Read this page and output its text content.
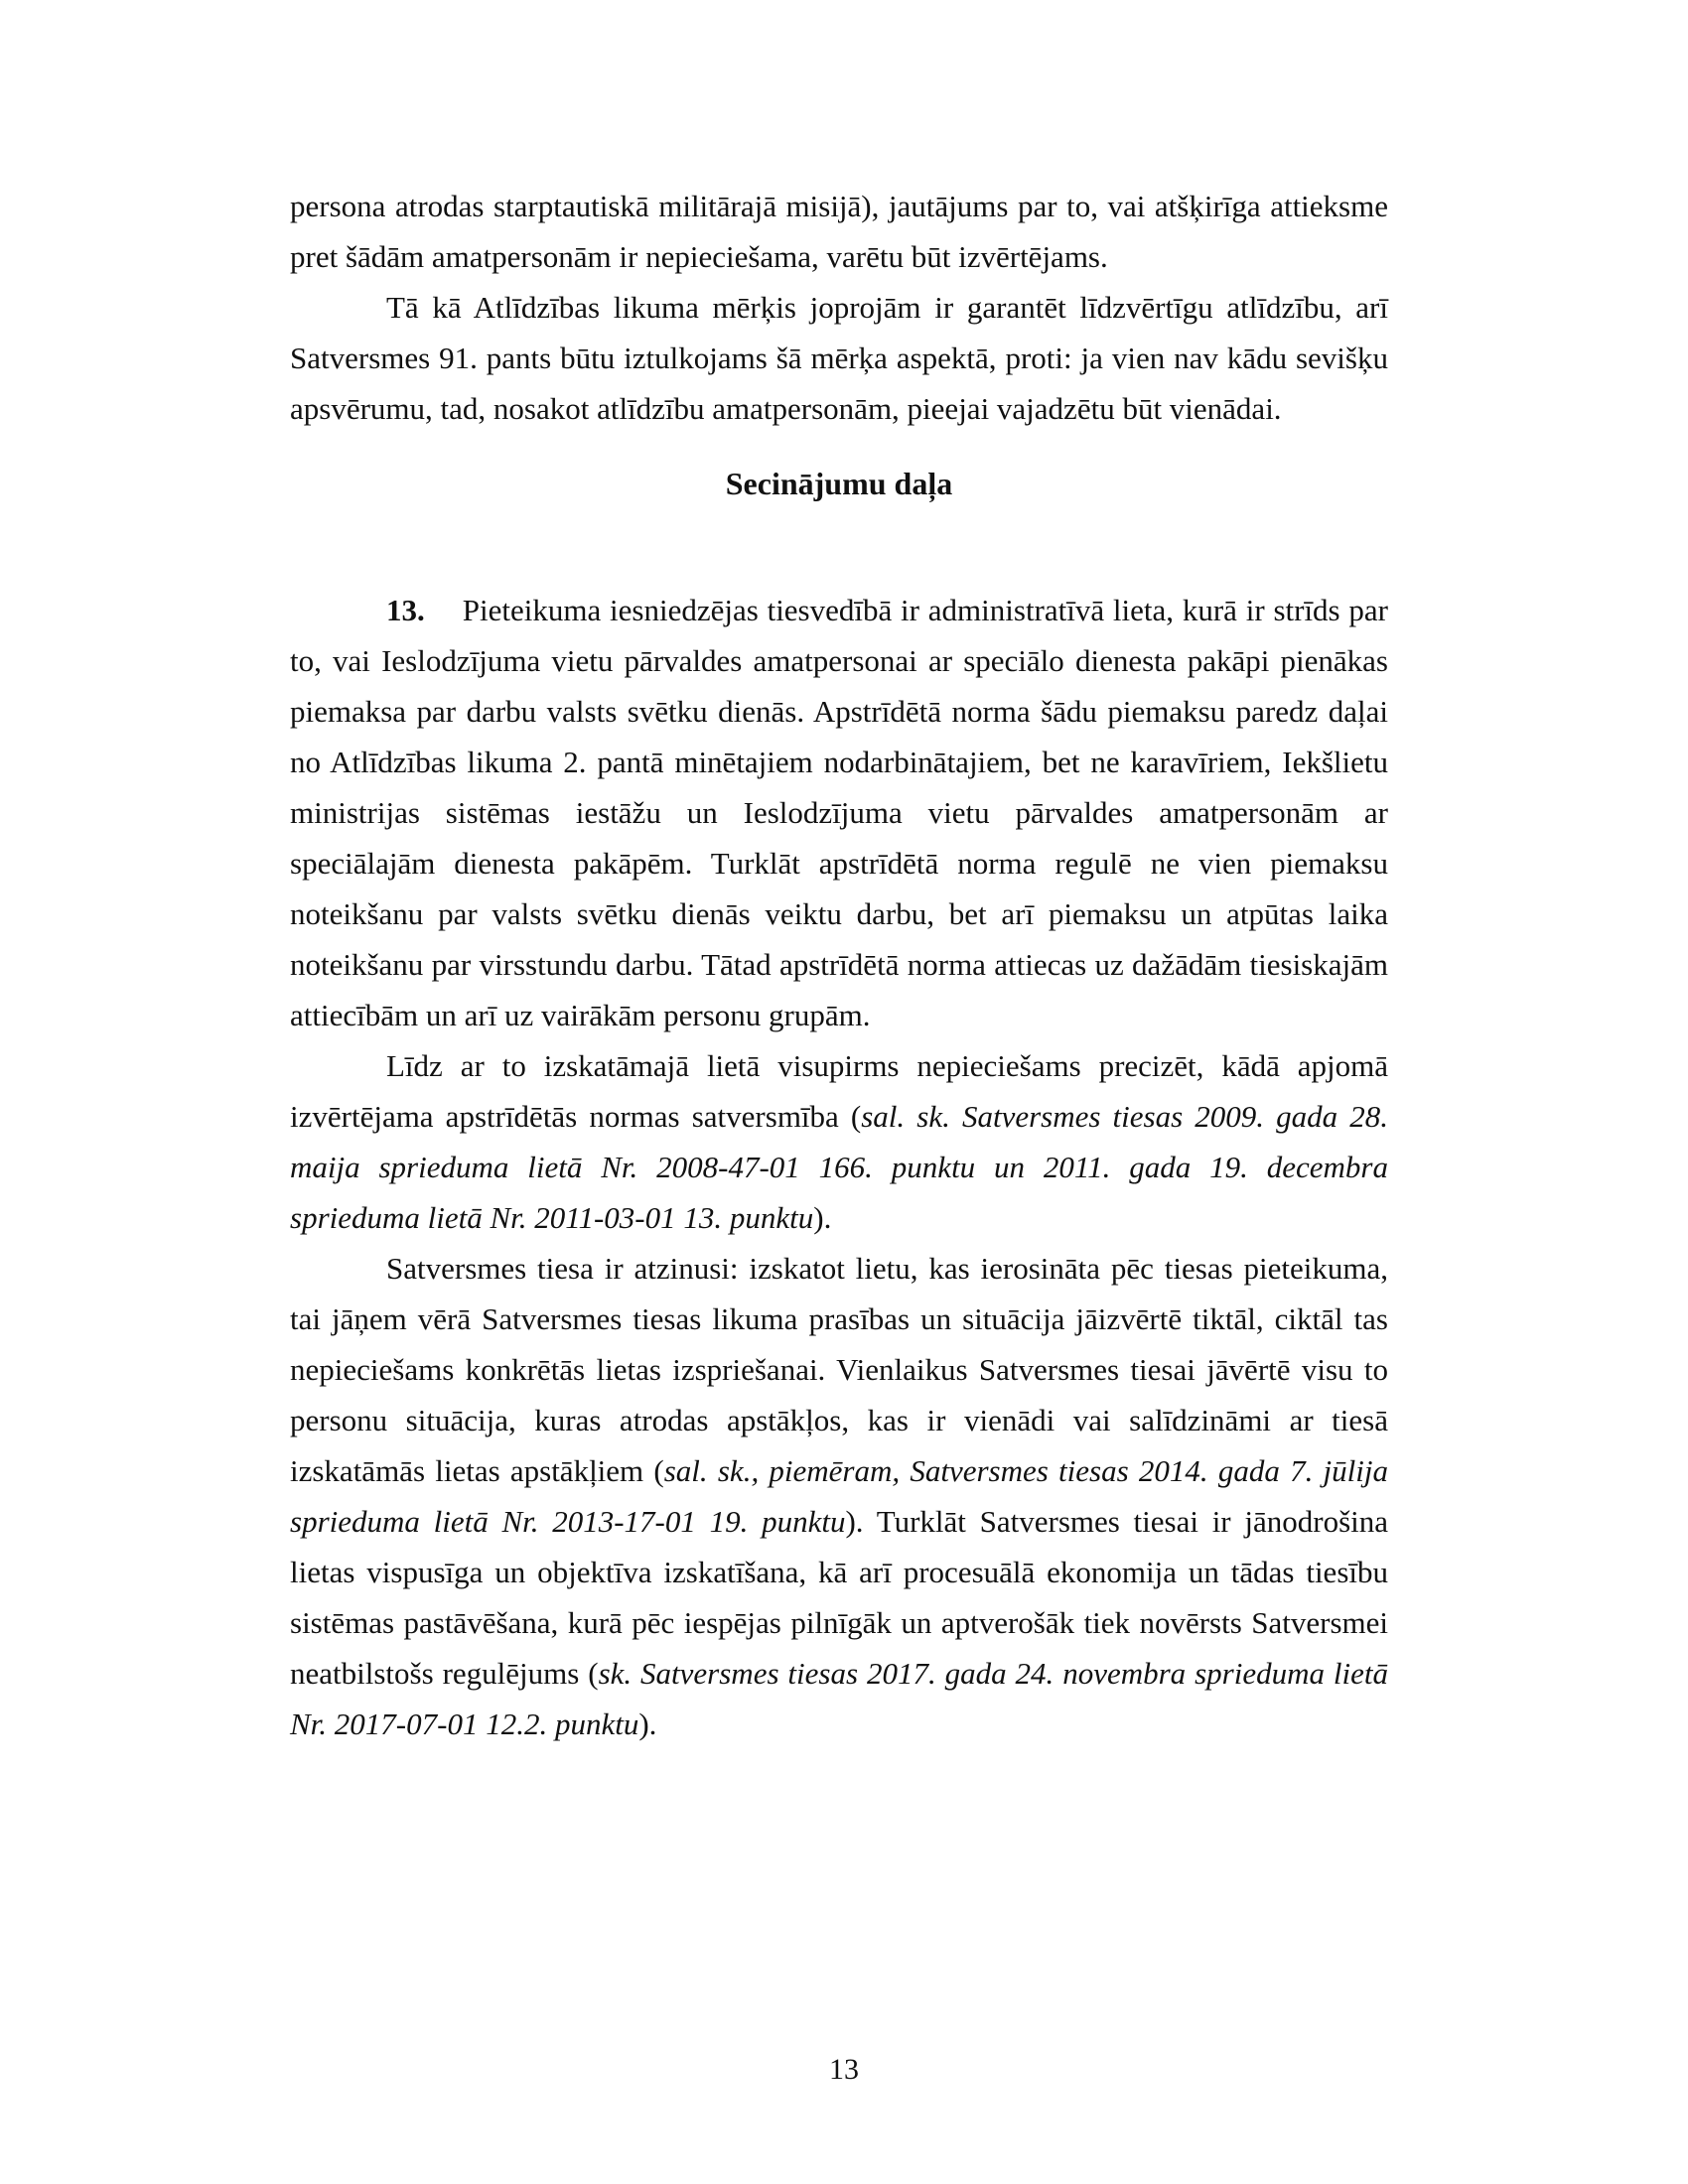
persona atrodas starptautiskā militārajā misijā), jautājums par to, vai atšķirīga attieksme pret šādām amatpersonām ir nepieciešama, varētu būt izvērtējams.

Tā kā Atlīdzības likuma mērķis joprojām ir garantēt līdzvērtīgu atlīdzību, arī Satversmes 91. pants būtu iztulkojams šā mērķa aspektā, proti: ja vien nav kādu sevišķu apsvērumu, tad, nosakot atlīdzību amatpersonām, pieejai vajadzētu būt vienādai.

Secinājumu daļa

13. Pieteikuma iesniedzējas tiesvedībā ir administratīvā lieta, kurā ir strīds par to, vai Ieslodzījuma vietu pārvaldes amatpersonai ar speciālo dienesta pakāpi pienākas piemaksa par darbu valsts svētku dienās. Apstrīdētā norma šādu piemaksu paredz daļai no Atlīdzības likuma 2. pantā minētajiem nodarbinātajiem, bet ne karavīriem, Iekšlietu ministrijas sistēmas iestāžu un Ieslodzījuma vietu pārvaldes amatpersonām ar speciālajām dienesta pakāpēm. Turklāt apstrīdētā norma regulē ne vien piemaksu noteikšanu par valsts svētku dienās veiktu darbu, bet arī piemaksu un atpūtas laika noteikšanu par virsstundu darbu. Tātad apstrīdētā norma attiecas uz dažādām tiesiskajām attiecībām un arī uz vairākām personu grupām.

Līdz ar to izskatāmajā lietā visupirms nepieciešams precizēt, kādā apjomā izvērtējama apstrīdētās normas satversmība (sal. sk. Satversmes tiesas 2009. gada 28. maija sprieduma lietā Nr. 2008-47-01 166. punktu un 2011. gada 19. decembra sprieduma lietā Nr. 2011-03-01 13. punktu).

Satversmes tiesa ir atzinusi: izskatot lietu, kas ierosināta pēc tiesas pieteikuma, tai jāņem vērā Satversmes tiesas likuma prasības un situācija jāizvērtē tiktāl, ciktāl tas nepieciešams konkrētās lietas izspriešanai. Vienlaikus Satversmes tiesai jāvērtē visu to personu situācija, kuras atrodas apstākļos, kas ir vienādi vai salīdzināmi ar tiesā izskatāmās lietas apstākļiem (sal. sk., piemēram, Satversmes tiesas 2014. gada 7. jūlija sprieduma lietā Nr. 2013-17-01 19. punktu). Turklāt Satversmes tiesai ir jānodrošina lietas vispusīga un objektīva izskatīšana, kā arī procesuālā ekonomija un tādas tiesību sistēmas pastāvēšana, kurā pēc iespējas pilnīgāk un aptverošāk tiek novērsts Satversmei neatbilstošs regulējums (sk. Satversmes tiesas 2017. gada 24. novembra sprieduma lietā Nr. 2017-07-01 12.2. punktu).

13
